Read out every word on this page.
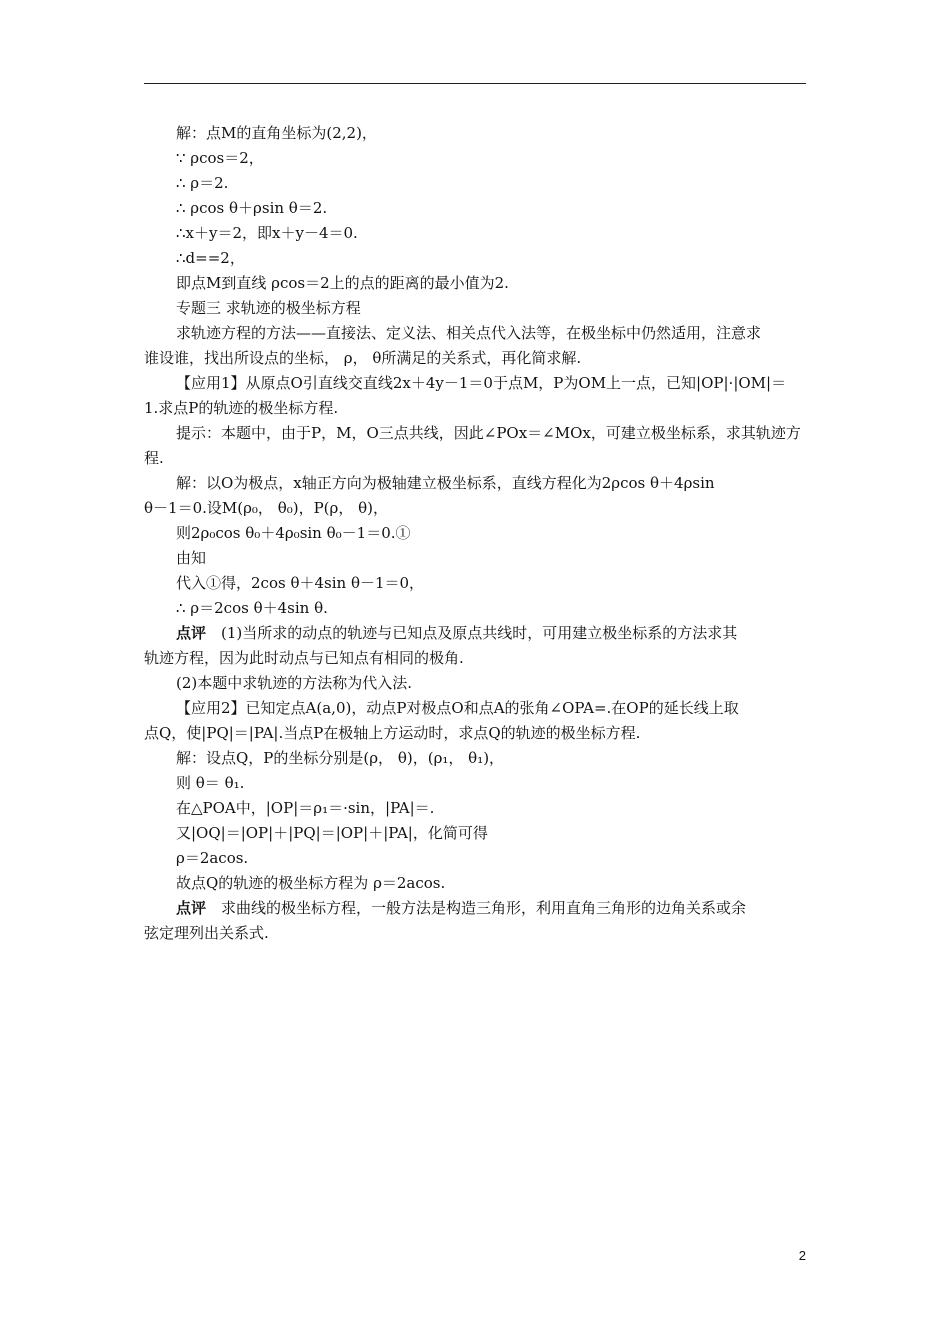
解：点M的直角坐标为(2,2)，
∵ ρcos＝2，
∴ ρ＝2.
∴ ρcos θ＋ρsin θ＝2.
∴x＋y＝2，即x＋y－4＝0.
∴d==2，
即点M到直线 ρcos＝2上的点的距离的最小值为2.
专题三 求轨迹的极坐标方程
求轨迹方程的方法——直接法、定义法、相关点代入法等，在极坐标中仍然适用，注意求
谁设谁，找出所设点的坐标， ρ， θ所满足的关系式，再化简求解.
【应用1】从原点O引直线交直线2x＋4y－1＝0于点M，P为OM上一点，已知|OP|·|OM|＝
1.求点P的轨迹的极坐标方程.
提示：本题中，由于P，M，O三点共线，因此∠POx＝∠MOx，可建立极坐标系，求其轨迹方
程.
解：以O为极点，x轴正方向为极轴建立极坐标系，直线方程化为2ρcos θ＋4ρsin
θ－1＝0.设M(ρ₀， θ₀)，P(ρ， θ)，
则2ρ₀cos θ₀＋4ρ₀sin θ₀－1＝0.①
由知
代入①得，2cos θ＋4sin θ－1＝0，
∴ ρ＝2cos θ＋4sin θ.
点评  (1)当所求的动点的轨迹与已知点及原点共线时，可用建立极坐标系的方法求其
轨迹方程，因为此时动点与已知点有相同的极角.
(2)本题中求轨迹的方法称为代入法.
【应用2】已知定点A(a,0)，动点P对极点O和点A的张角∠OPA=.在OP的延长线上取
点Q，使|PQ|＝|PA|.当点P在极轴上方运动时，求点Q的轨迹的极坐标方程.
解：设点Q，P的坐标分别是(ρ， θ)，(ρ₁， θ₁)，
则 θ＝ θ₁.
在△POA中，|OP|＝ρ₁＝·sin，|PA|＝.
又|OQ|＝|OP|＋|PQ|＝|OP|＋|PA|，化简可得
ρ＝2acos.
故点Q的轨迹的极坐标方程为 ρ＝2acos.
点评  求曲线的极坐标方程，一般方法是构造三角形，利用直角三角形的边角关系或余
弦定理列出关系式.
2
